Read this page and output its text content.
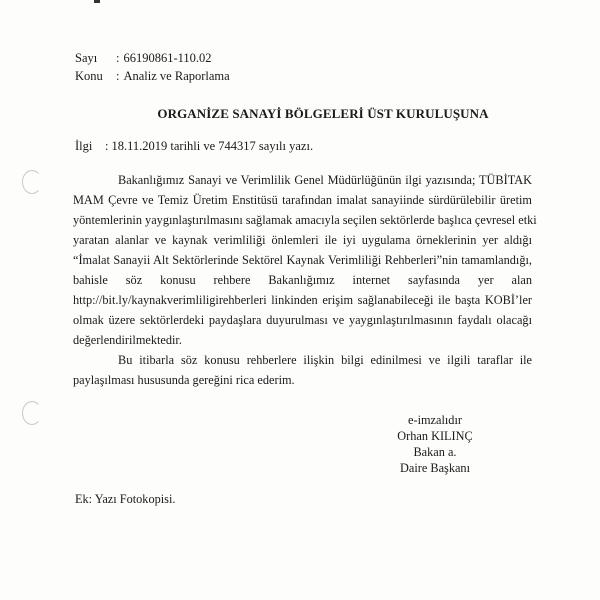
Sayı : 66190861-110.02
Konu : Analiz ve Raporlama
ORGANİZE SANAYİ BÖLGELERİ ÜST KURULUŞUNA
İlgi : 18.11.2019 tarihli ve 744317 sayılı yazı.
Bakanlığımız Sanayi ve Verimlilik Genel Müdürlüğünün ilgi yazısında; TÜBİTAK
MAM Çevre ve Temiz Üretim Enstitüsü tarafından imalat sanayiinde sürdürülebilir üretim
yöntemlerinin yaygınlaştırılmasını sağlamak amacıyla seçilen sektörlerde başlıca çevresel etki
yaratan alanlar ve kaynak verimliliği önlemleri ile iyi uygulama örneklerinin yer aldığı
“İmalat Sanayii Alt Sektörlerinde Sektörel Kaynak Verimliliği Rehberleri”nin tamamlandığı,
bahisle söz konusu rehbere Bakanlığımız internet sayfasında yer alan
http://bit.ly/kaynakverimliligirehberleri linkinden erişim sağlanabileceği ile başta KOBİ’ler
olmak üzere sektörlerdeki paydaşlara duyurulması ve yaygınlaştırılmasının faydalı olacağı
değerlendirilmektedir.
Bu itibarla söz konusu rehberlere ilişkin bilgi edinilmesi ve ilgili taraflar ile
paylaşılması hususunda gereğini rica ederim.
e-imzalıdır
Orhan KILINÇ
Bakan a.
Daire Başkanı
Ek: Yazı Fotokopisi.
